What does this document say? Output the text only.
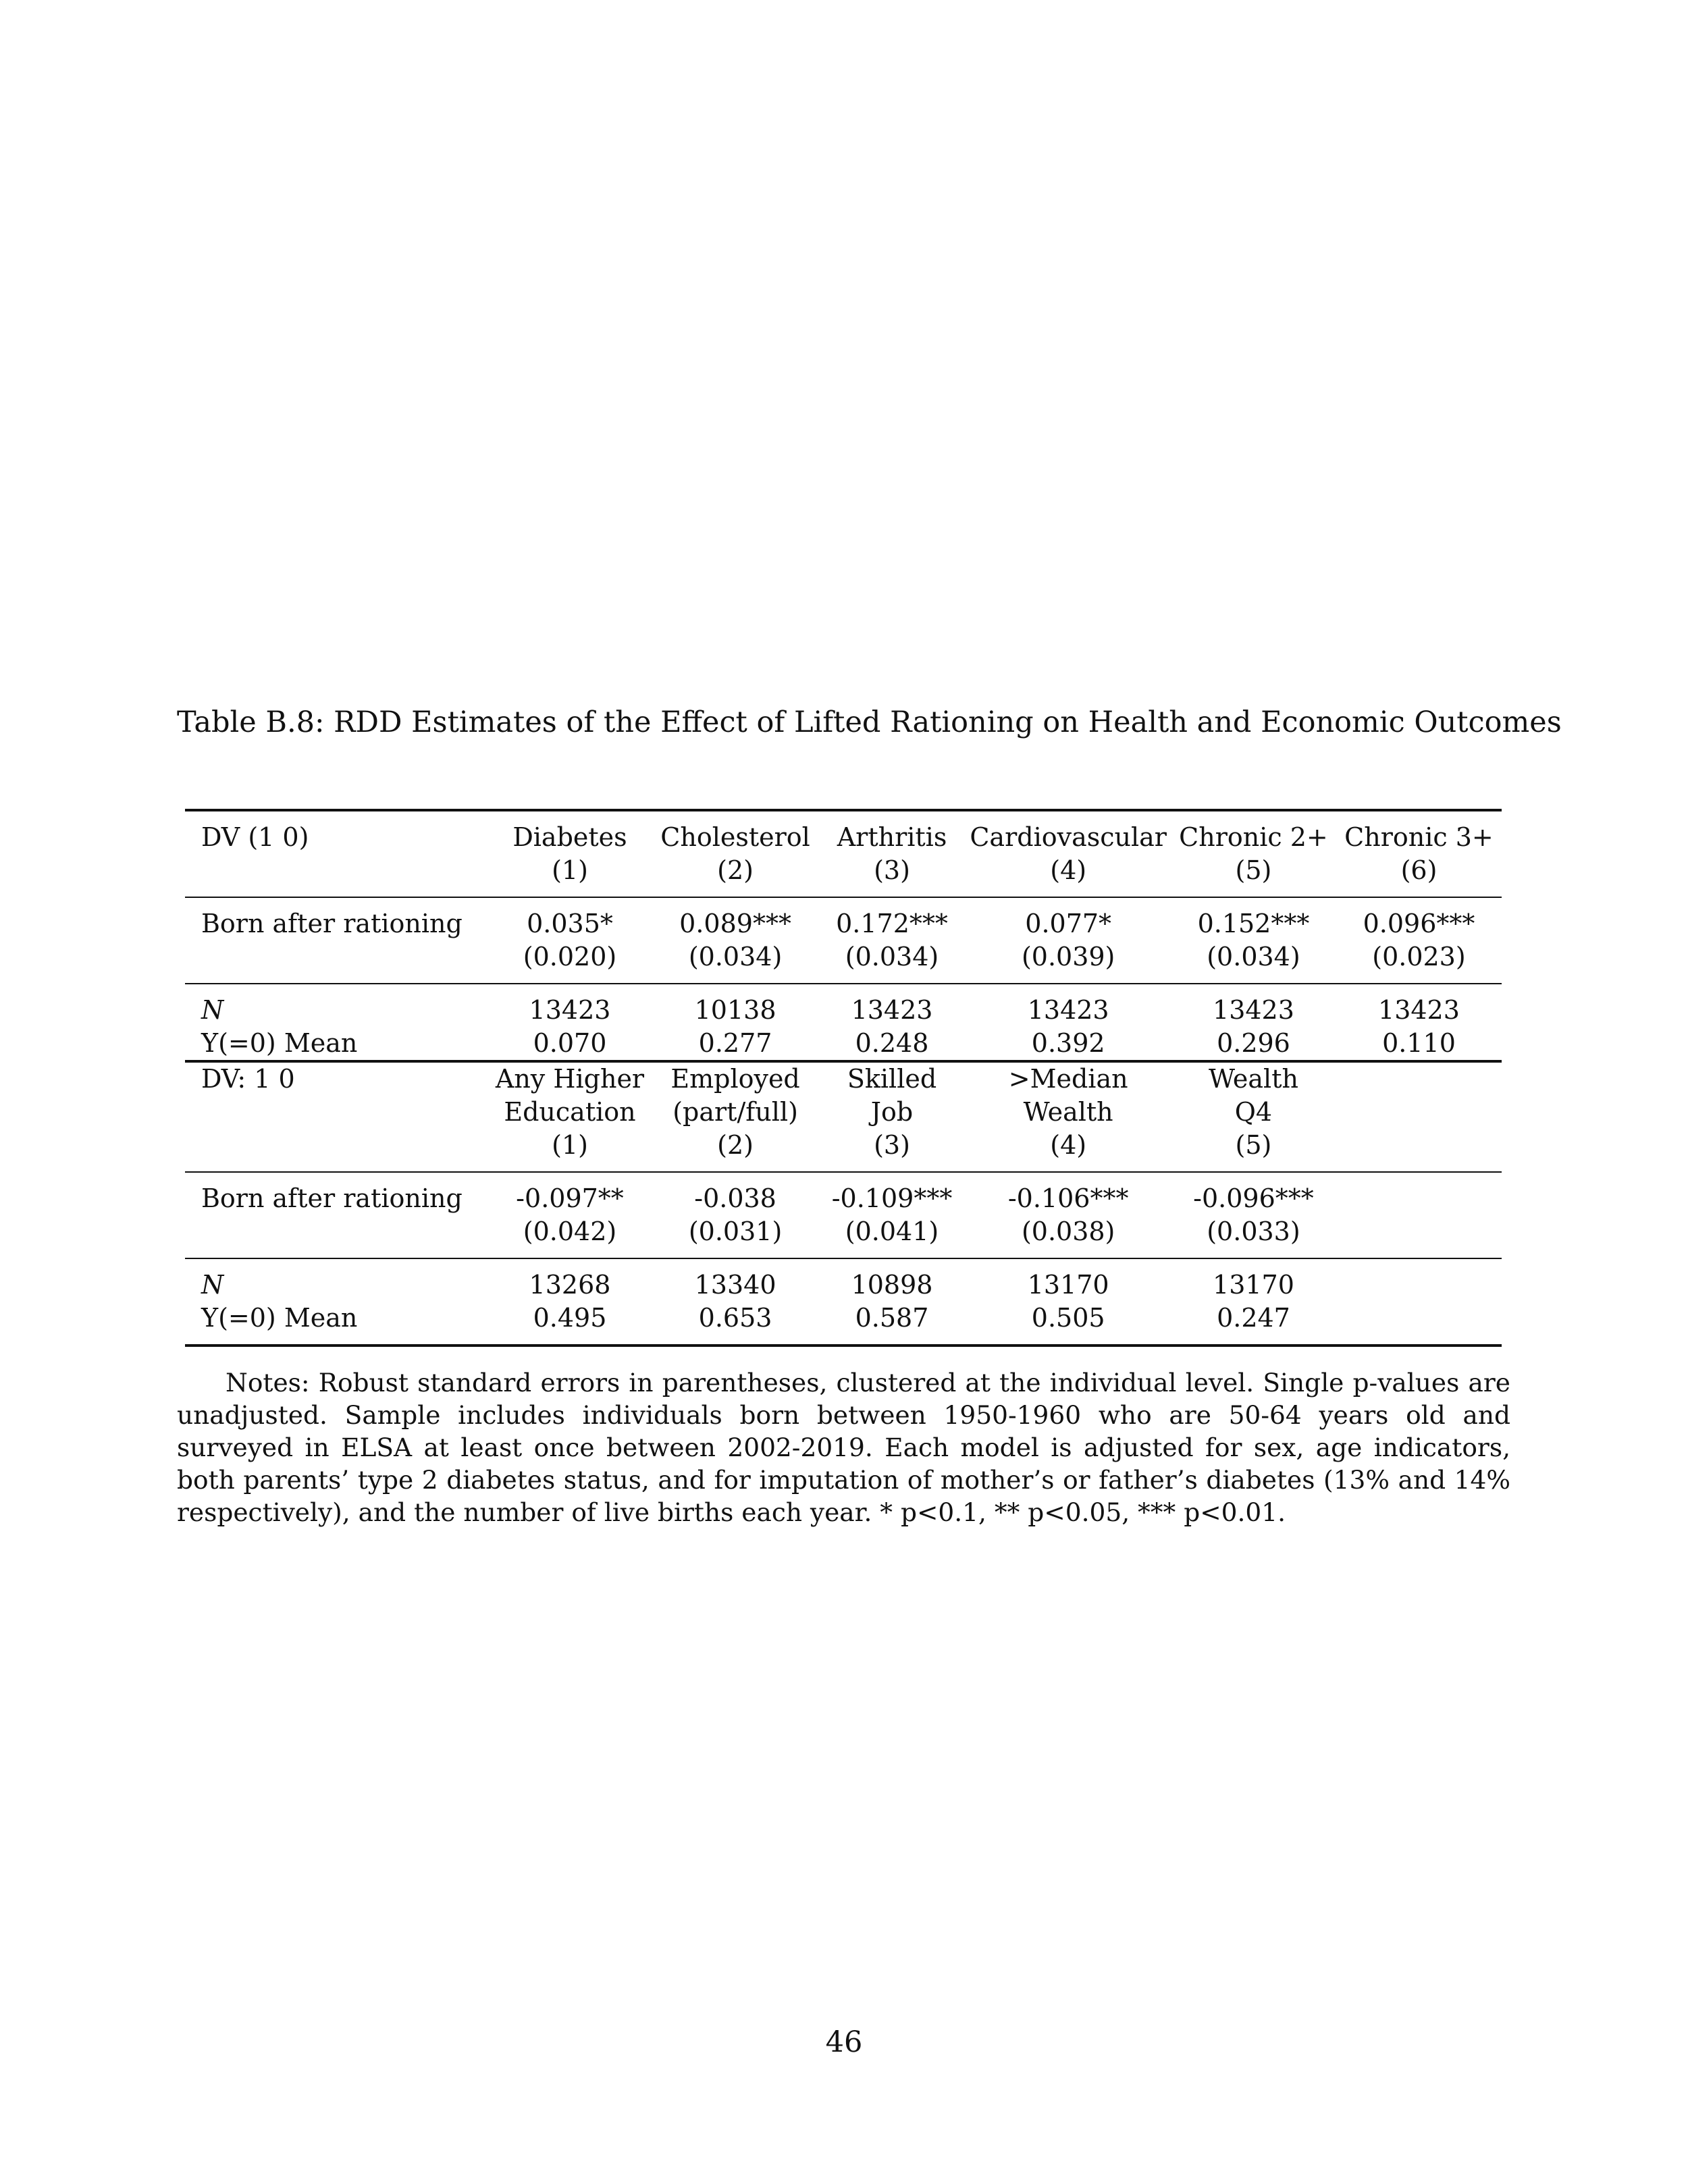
Table B.8: RDD Estimates of the Effect of Lifted Rationing on Health and Economic Outcomes
DV (1 0)	Diabetes	Cholesterol	Arthritis	Cardiovascular	Chronic 2+	Chronic 3+
	(1)	(2)	(3)	(4)	(5)	(6)
Born after rationing	0.035*	0.089***	0.172***	0.077*	0.152***	0.096***
	(0.020)	(0.034)	(0.034)	(0.039)	(0.034)	(0.023)
N	13423	10138	13423	13423	13423	13423
Y(=0) Mean	0.070	0.277	0.248	0.392	0.296	0.110
DV: 1 0	Any Higher	Employed	Skilled	>Median	Wealth	
	Education	(part/full)	Job	Wealth	Q4	
	(1)	(2)	(3)	(4)	(5)	
Born after rationing	-0.097**	-0.038	-0.109***	-0.106***	-0.096***	
	(0.042)	(0.031)	(0.041)	(0.038)	(0.033)	
N	13268	13340	10898	13170	13170	
Y(=0) Mean	0.495	0.653	0.587	0.505	0.247	
Notes: Robust standard errors in parentheses, clustered at the individual level. Single p-values are unadjusted. Sample includes individuals born between 1950-1960 who are 50-64 years old and surveyed in ELSA at least once between 2002-2019. Each model is adjusted for sex, age indicators, both parents’ type 2 diabetes status, and for imputation of mother’s or father’s diabetes (13% and 14% respectively), and the number of live births each year. * p<0.1, ** p<0.05, *** p<0.01.
46
